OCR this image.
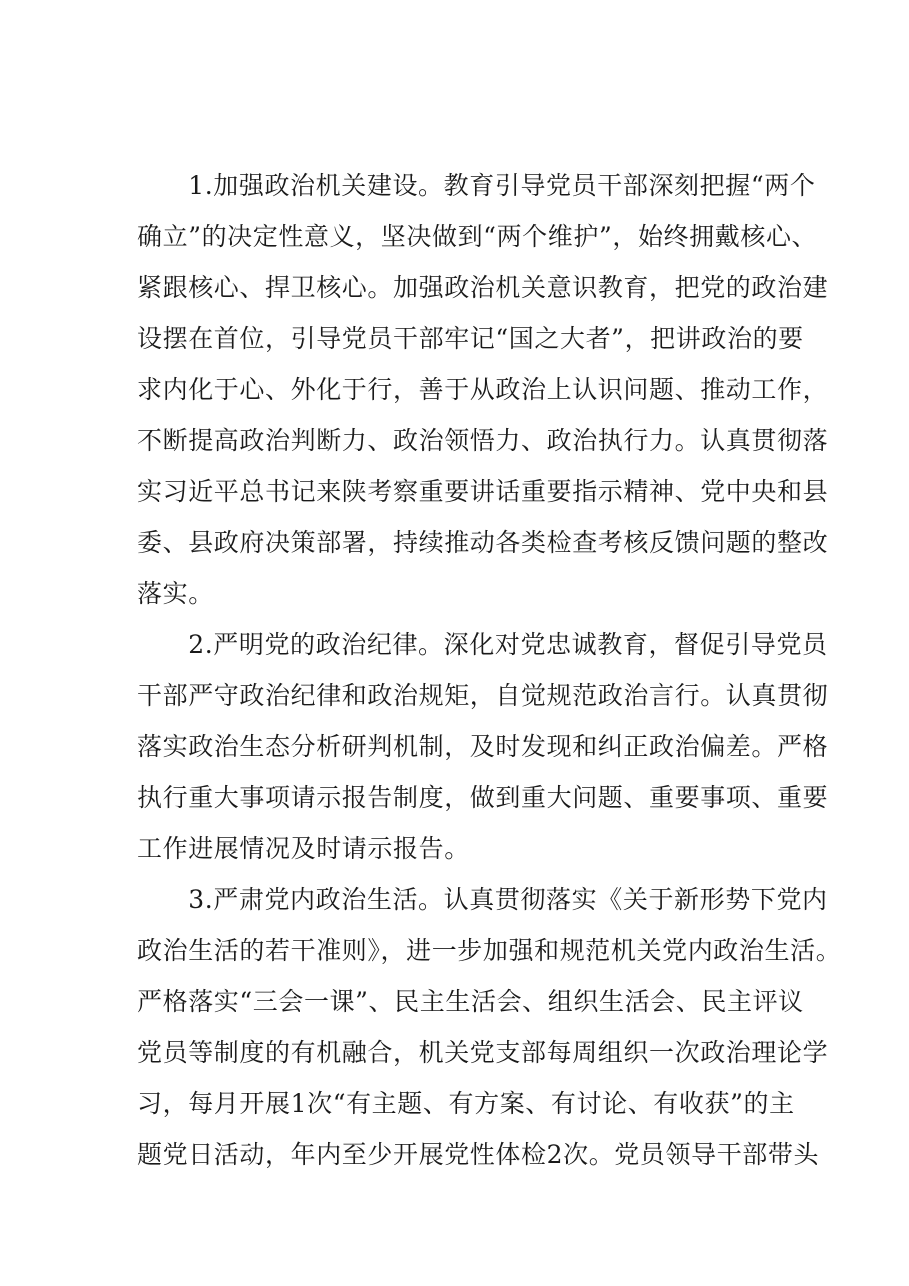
　　1.加强政治机关建设。教育引导党员干部深刻把握“两个
确立”的决定性意义，坚决做到“两个维护”，始终拥戴核心、
紧跟核心、捍卫核心。加强政治机关意识教育，把党的政治建
设摆在首位，引导党员干部牢记“国之大者”，把讲政治的要
求内化于心、外化于行，善于从政治上认识问题、推动工作，
不断提高政治判断力、政治领悟力、政治执行力。认真贯彻落
实习近平总书记来陕考察重要讲话重要指示精神、党中央和县
委、县政府决策部署，持续推动各类检查考核反馈问题的整改
落实。
　　2.严明党的政治纪律。深化对党忠诚教育，督促引导党员
干部严守政治纪律和政治规矩，自觉规范政治言行。认真贯彻
落实政治生态分析研判机制，及时发现和纠正政治偏差。严格
执行重大事项请示报告制度，做到重大问题、重要事项、重要
工作进展情况及时请示报告。
　　3.严肃党内政治生活。认真贯彻落实《关于新形势下党内
政治生活的若干准则》，进一步加强和规范机关党内政治生活。
严格落实“三会一课”、民主生活会、组织生活会、民主评议
党员等制度的有机融合，机关党支部每周组织一次政治理论学
习，每月开展1次“有主题、有方案、有讨论、有收获”的主
题党日活动，年内至少开展党性体检2次。党员领导干部带头
